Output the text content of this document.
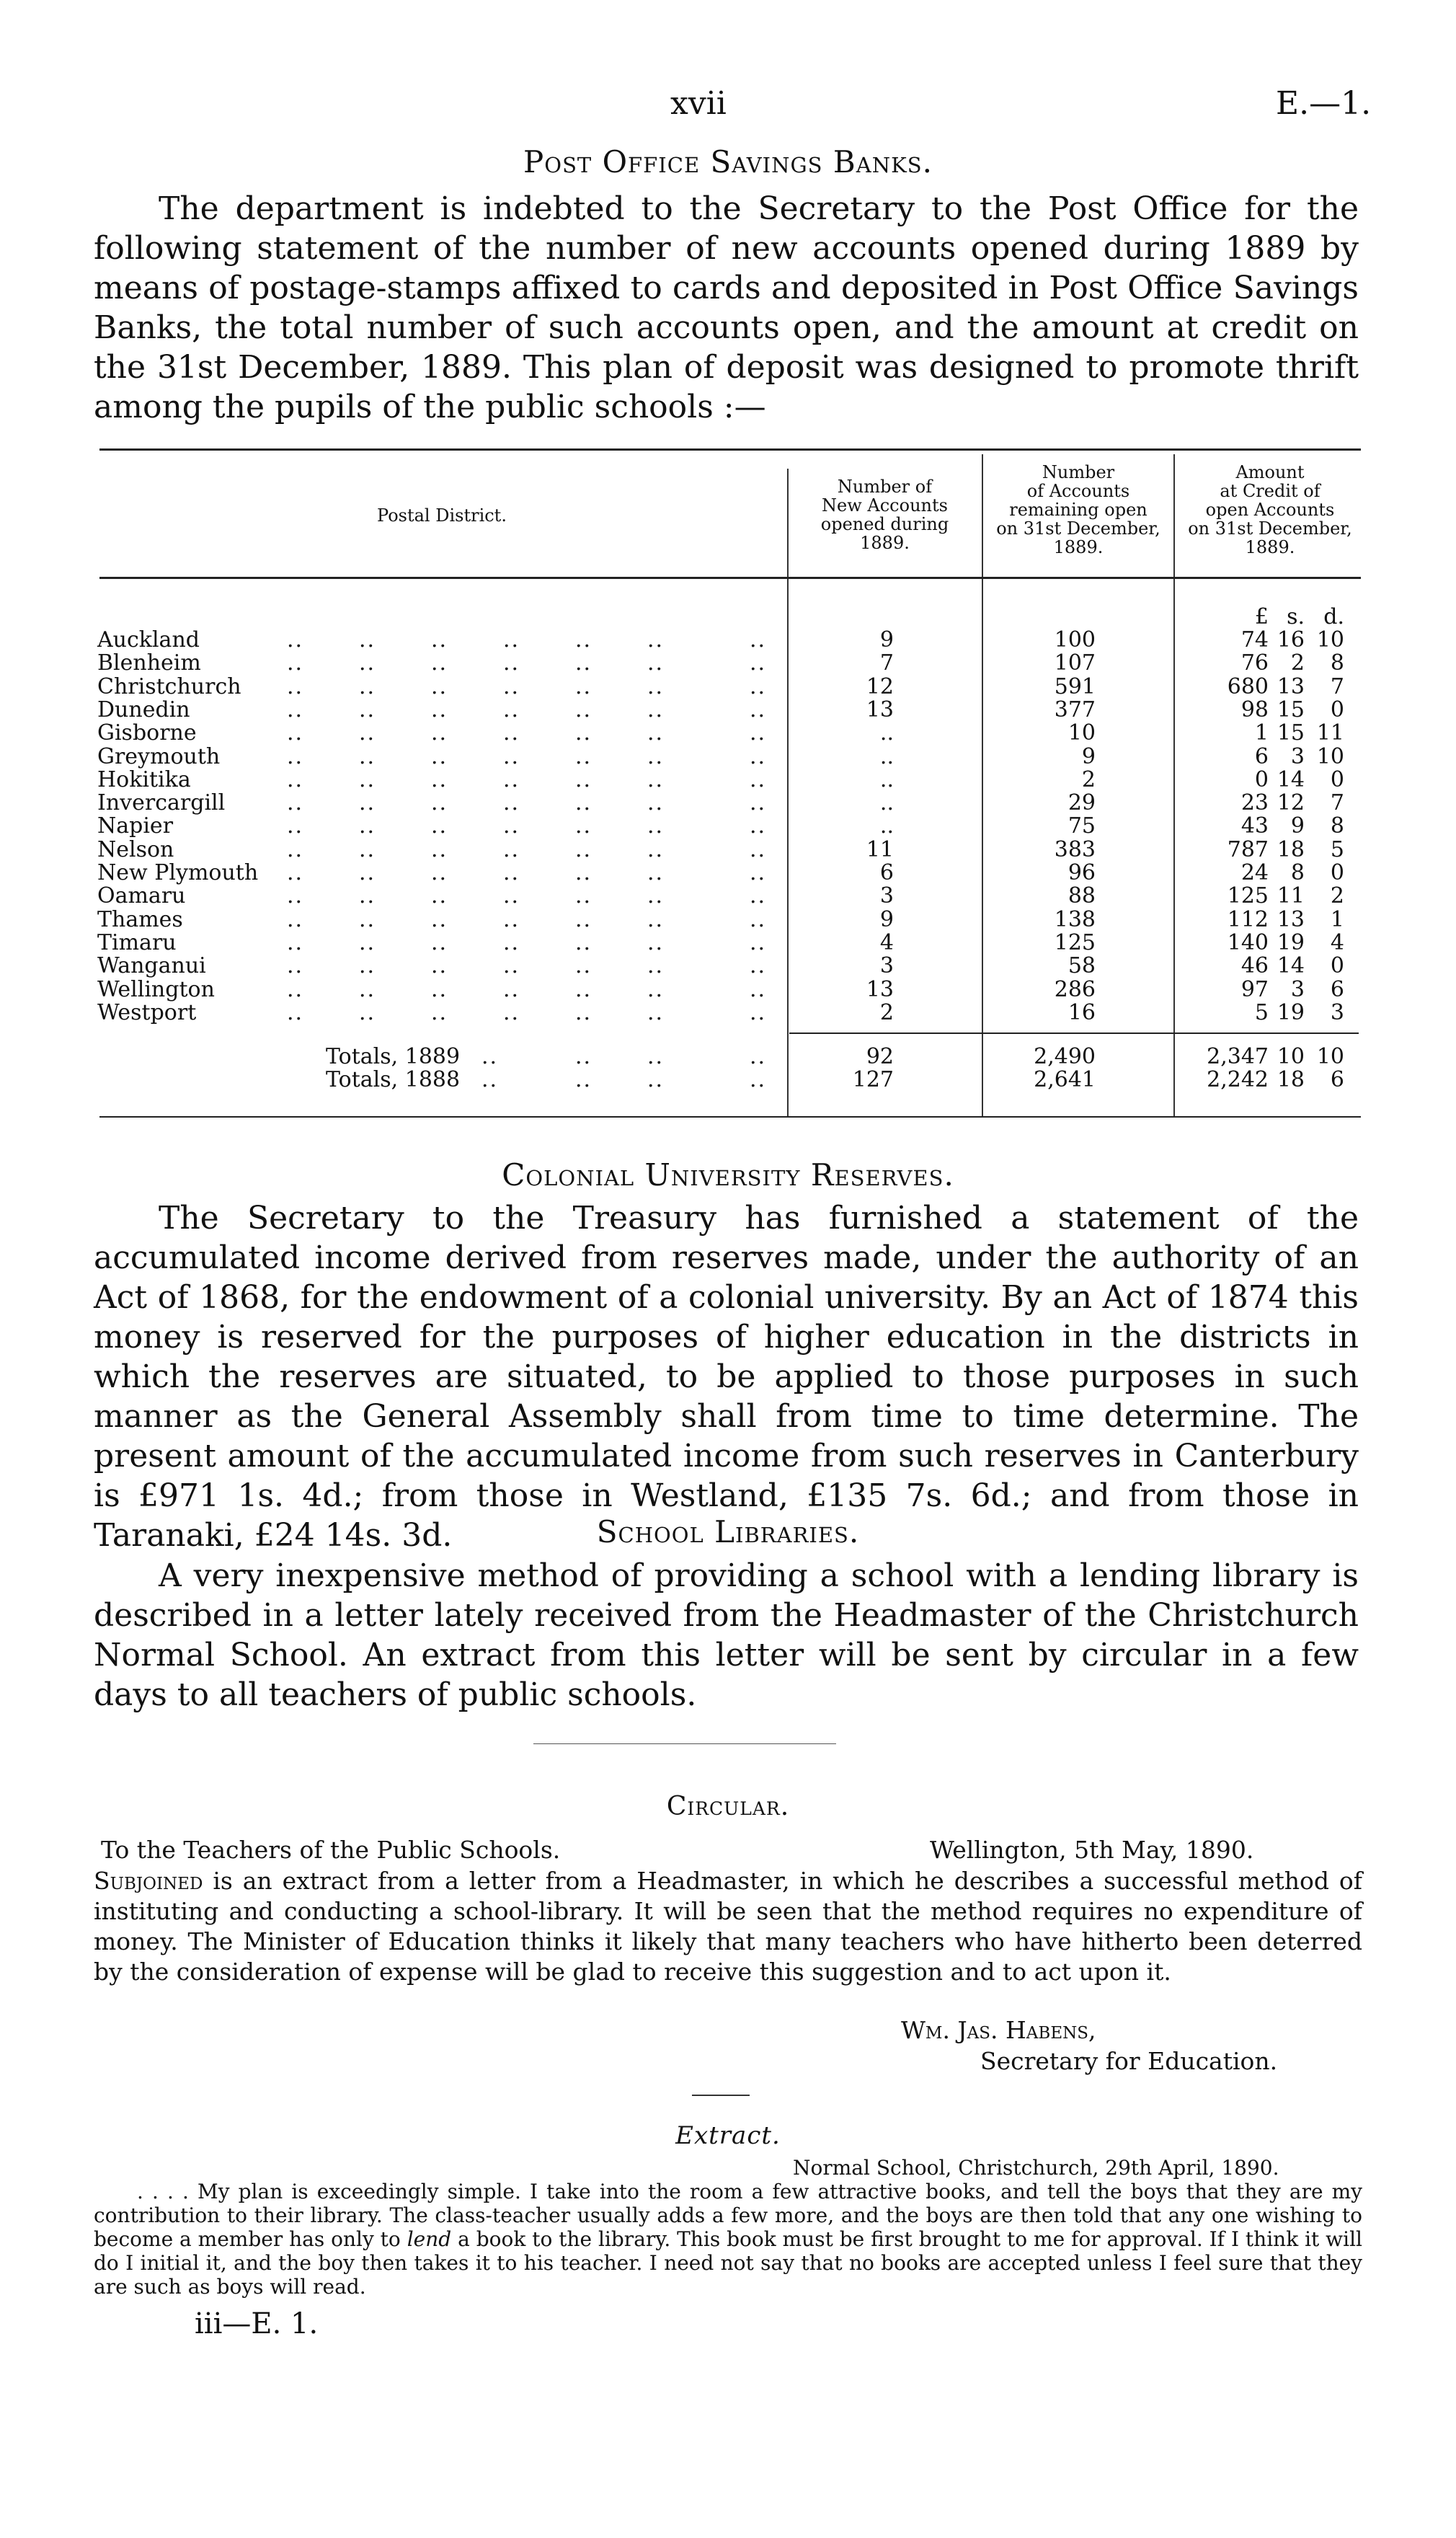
xvii	E.—1.
Post Office Savings Banks.
The department is indebted to the Secretary to the Post Office for the following statement of the number of new accounts opened during 1889 by means of postage-stamps affixed to cards and deposited in Post Office Savings Banks, the total number of such accounts open, and the amount at credit on the 31st December, 1889. This plan of deposit was designed to promote thrift among the pupils of the public schools :—
Postal District.
Number of
New Accounts
opened during
1889.
Number
of Accounts
remaining open
on 31st December,
1889.
Amount
at Credit of
open Accounts
on 31st December,
1889.
£ s. d.
Auckland	..	..	..	..	..	..	..	9	100	74 16 10
Blenheim	..	..	..	..	..	..	..	7	107	76	2	8
Christchurch ..	..	..	..	..	..	..	12	591	680 13	7
Dunedin	..	..	..	..	..	..	..	13	377	98 15	0
Gisborne	..	..	..	..	..	..	..	..	10	1 15 11
Greymouth	..	..	..	..	..	..	..	..	9	6	3 10
Hokitika	..	..	..	..	..	..	..	..	2	0 14	0
Invercargill	..	..	..	..	..	..	..	..	29	23 12	7
Napier	..	..	..	..	..	..	..	..	75	43	9	8
Nelson	..	..	..	..	..	..	..	11	383	787 18	5
New Plymouth ..	..	..	..	..	..	..	6	96	24	8	0
Oamaru	..	..	..	..	..	..	..	3	88	125 11	2
Thames	..	..	..	..	..	..	..	9	138	112 13	1
Timaru	..	..	..	..	..	..	..	4	125	140 19	4
Wanganui	..	..	..	..	..	..	..	3	58	46 14	0
Wellington	..	..	..	..	..	..	..	13	286	97	3	6
Westport	..	..	..	..	..	..	..	2	16	5 19	3
Totals, 1889 ..	..	..	..	92	2,490	2,347 10 10
Totals, 1888 ..	..	..	..	127	2,641	2,242 18	6
Colonial University Reserves.
The Secretary to the Treasury has furnished a statement of the accumulated income derived from reserves made, under the authority of an Act of 1868, for the endowment of a colonial university. By an Act of 1874 this money is reserved for the purposes of higher education in the districts in which the reserves are situated, to be applied to those purposes in such manner as the General Assembly shall from time to time determine. The present amount of the accumulated income from such reserves in Canterbury is £971 1s. 4d.; from those in Westland, £135 7s. 6d.; and from those in Taranaki, £24 14s. 3d.	School Libraries.
A very inexpensive method of providing a school with a lending library is described in a letter lately received from the Headmaster of the Christchurch Normal School. An extract from this letter will be sent by circular in a few days to all teachers of public schools.
Circular.
To the Teachers of the Public Schools.	Wellington, 5th May, 1890.
Subjoined is an extract from a letter from a Headmaster, in which he describes a successful method of instituting and conducting a school-library. It will be seen that the method requires no expenditure of money. The Minister of Education thinks it likely that many teachers who have hitherto been deterred by the consideration of expense will be glad to receive this suggestion and to act upon it.
Wm. Jas. Habens,
Secretary for Education.
Extract.
Normal School, Christchurch, 29th April, 1890.
. . . . My plan is exceedingly simple. I take into the room a few attractive books, and tell the boys that they are my contribution to their library. The class-teacher usually adds a few more, and the boys are then told that any one wishing to become a member has only to lend a book to the library. This book must be first brought to me for approval. If I think it will do I initial it, and the boy then takes it to his teacher. I need not say that no books are accepted unless I feel sure that they are such as boys will read.
iii—E. 1.
